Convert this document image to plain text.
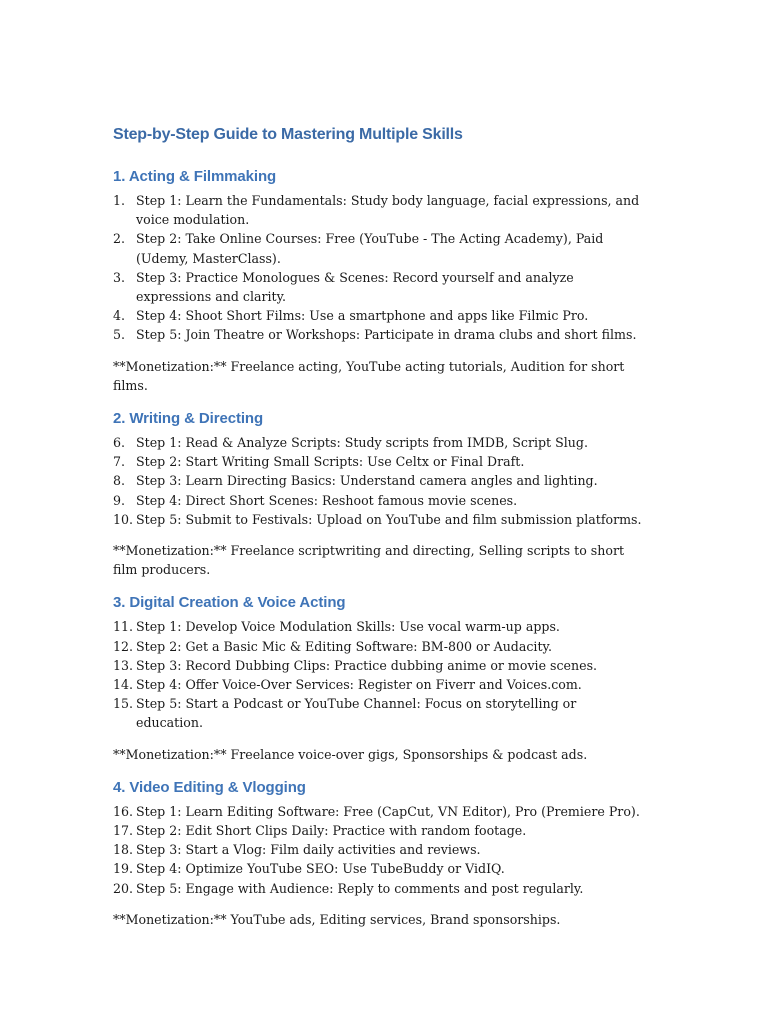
Step-by-Step Guide to Mastering Multiple Skills
1. Acting & Filmmaking
1. Step 1: Learn the Fundamentals: Study body language, facial expressions, and voice modulation.
2. Step 2: Take Online Courses: Free (YouTube - The Acting Academy), Paid (Udemy, MasterClass).
3. Step 3: Practice Monologues & Scenes: Record yourself and analyze expressions and clarity.
4. Step 4: Shoot Short Films: Use a smartphone and apps like Filmic Pro.
5. Step 5: Join Theatre or Workshops: Participate in drama clubs and short films.

**Monetization:** Freelance acting, YouTube acting tutorials, Audition for short films.

2. Writing & Directing
6. Step 1: Read & Analyze Scripts: Study scripts from IMDB, Script Slug.
7. Step 2: Start Writing Small Scripts: Use Celtx or Final Draft.
8. Step 3: Learn Directing Basics: Understand camera angles and lighting.
9. Step 4: Direct Short Scenes: Reshoot famous movie scenes.
10. Step 5: Submit to Festivals: Upload on YouTube and film submission platforms.

**Monetization:** Freelance scriptwriting and directing, Selling scripts to short film producers.

3. Digital Creation & Voice Acting
11. Step 1: Develop Voice Modulation Skills: Use vocal warm-up apps.
12. Step 2: Get a Basic Mic & Editing Software: BM-800 or Audacity.
13. Step 3: Record Dubbing Clips: Practice dubbing anime or movie scenes.
14. Step 4: Offer Voice-Over Services: Register on Fiverr and Voices.com.
15. Step 5: Start a Podcast or YouTube Channel: Focus on storytelling or education.

**Monetization:** Freelance voice-over gigs, Sponsorships & podcast ads.

4. Video Editing & Vlogging
16. Step 1: Learn Editing Software: Free (CapCut, VN Editor), Pro (Premiere Pro).
17. Step 2: Edit Short Clips Daily: Practice with random footage.
18. Step 3: Start a Vlog: Film daily activities and reviews.
19. Step 4: Optimize YouTube SEO: Use TubeBuddy or VidIQ.
20. Step 5: Engage with Audience: Reply to comments and post regularly.

**Monetization:** YouTube ads, Editing services, Brand sponsorships.
